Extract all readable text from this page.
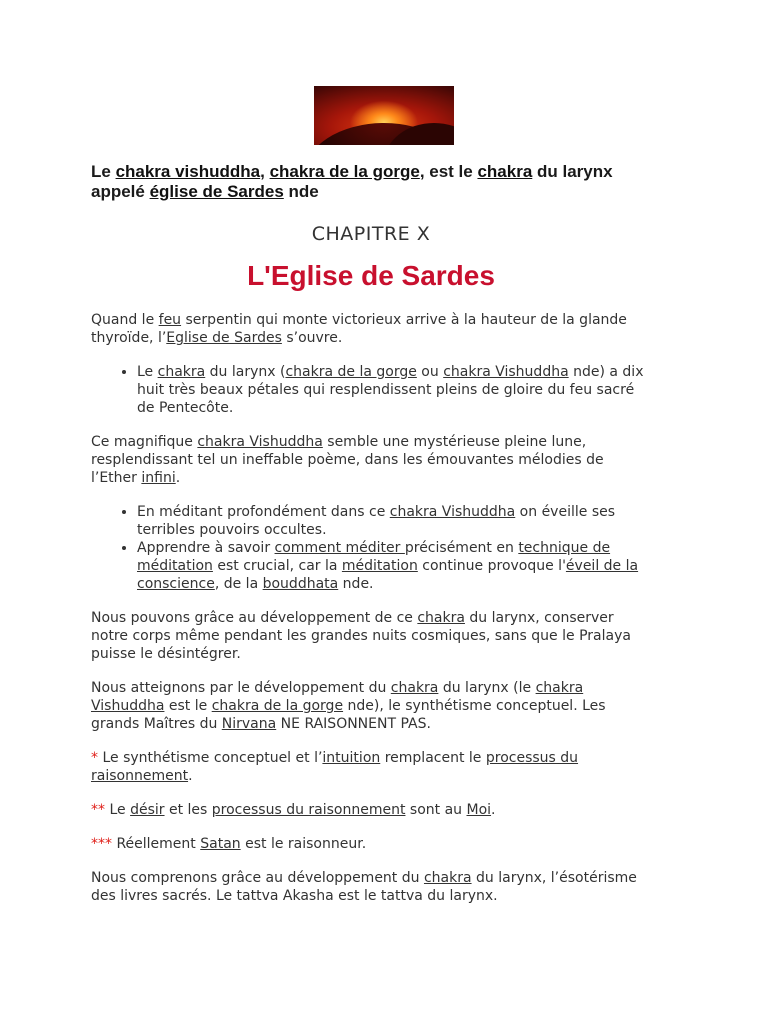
Le chakra vishuddha, chakra de la gorge, est le chakra du larynx appelé église de Sardes nde
CHAPITRE X
L'Eglise de Sardes

Quand le feu serpentin qui monte victorieux arrive à la hauteur de la glande thyroïde, l’Eglise de Sardes s’ouvre.

• Le chakra du larynx (chakra de la gorge ou chakra Vishuddha nde) a dix huit très beaux pétales qui resplendissent pleins de gloire du feu sacré de Pentecôte.

Ce magnifique chakra Vishuddha semble une mystérieuse pleine lune, resplendissant tel un ineffable poème, dans les émouvantes mélodies de l’Ether infini.

• En méditant profondément dans ce chakra Vishuddha on éveille ses terribles pouvoirs occultes.
• Apprendre à savoir comment méditer précisément en technique de méditation est crucial, car la méditation continue provoque l'éveil de la conscience, de la bouddhata nde.

Nous pouvons grâce au développement de ce chakra du larynx, conserver notre corps même pendant les grandes nuits cosmiques, sans que le Pralaya puisse le désintégrer.

Nous atteignons par le développement du chakra du larynx (le chakra Vishuddha est le chakra de la gorge nde), le synthétisme conceptuel. Les grands Maîtres du Nirvana NE RAISONNENT PAS.

* Le synthétisme conceptuel et l’intuition remplacent le processus du raisonnement.

** Le désir et les processus du raisonnement sont au Moi.

*** Réellement Satan est le raisonneur.

Nous comprenons grâce au développement du chakra du larynx, l’ésotérisme des livres sacrés. Le tattva Akasha est le tattva du larynx.
